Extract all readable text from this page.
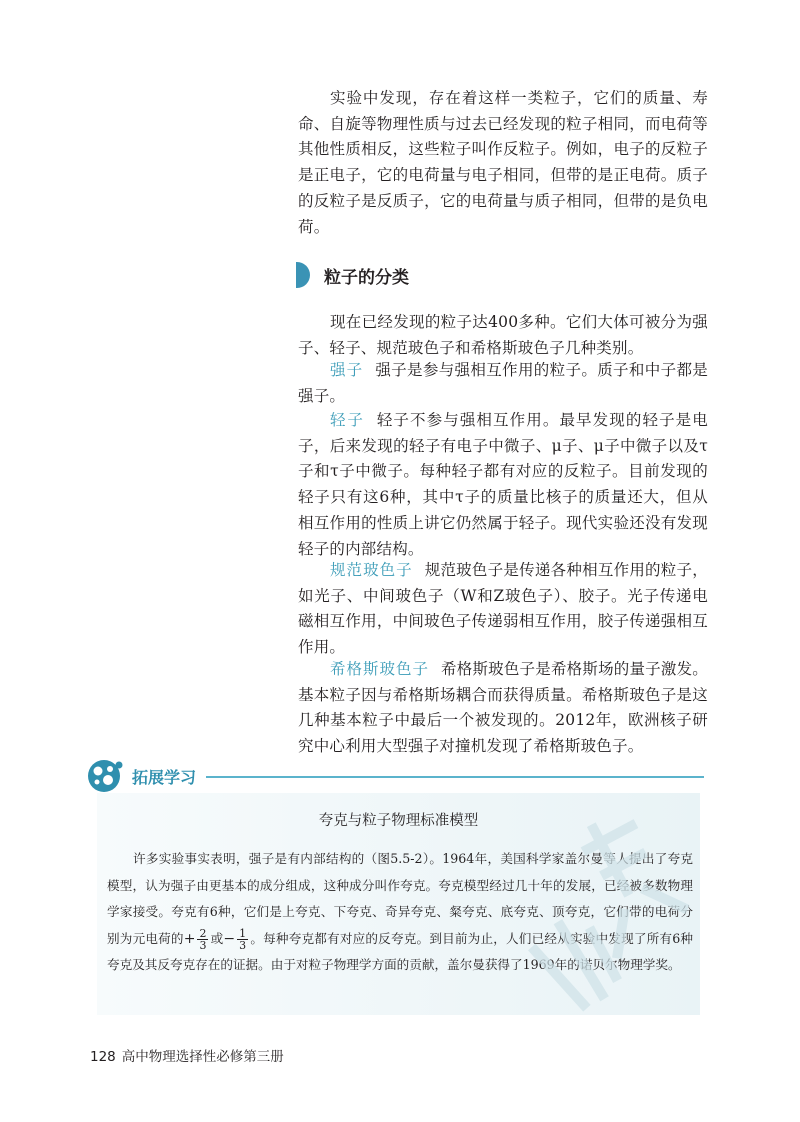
实验中发现，存在着这样一类粒子，它们的质量、寿命、自旋等物理性质与过去已经发现的粒子相同，而电荷等其他性质相反，这些粒子叫作反粒子。例如，电子的反粒子是正电子，它的电荷量与电子相同，但带的是正电荷。质子的反粒子是反质子，它的电荷量与质子相同，但带的是负电荷。

粒子的分类

现在已经发现的粒子达400多种。它们大体可被分为强子、轻子、规范玻色子和希格斯玻色子几种类别。

强子 强子是参与强相互作用的粒子。质子和中子都是强子。

轻子 轻子不参与强相互作用。最早发现的轻子是电子，后来发现的轻子有电子中微子、μ子、μ子中微子以及τ子和τ子中微子。每种轻子都有对应的反粒子。目前发现的轻子只有这6种，其中τ子的质量比核子的质量还大，但从相互作用的性质上讲它仍然属于轻子。现代实验还没有发现轻子的内部结构。

规范玻色子 规范玻色子是传递各种相互作用的粒子，如光子、中间玻色子（W和Z玻色子）、胶子。光子传递电磁相互作用，中间玻色子传递弱相互作用，胶子传递强相互作用。

希格斯玻色子 希格斯玻色子是希格斯场的量子激发。基本粒子因与希格斯场耦合而获得质量。希格斯玻色子是这几种基本粒子中最后一个被发现的。2012年，欧洲核子研究中心利用大型强子对撞机发现了希格斯玻色子。

夸克与粒子物理标准模型

许多实验事实表明，强子是有内部结构的（图5.5-2）。1964年，美国科学家盖尔曼等人提出了夸克模型，认为强子由更基本的成分组成，这种成分叫作夸克。夸克模型经过几十年的发展，已经被多数物理学家接受。夸克有6种，它们是上夸克、下夸克、奇异夸克、粲夸克、底夸克、顶夸克，它们带的电荷分别为元电荷的+ $\frac{2}{3}$ 或− $\frac{1}{3}$ 。每种夸克都有对应的反夸克。到目前为止，人们已经从实验中发现了所有6种夸克及其反夸克存在的证据。由于对粒子物理学方面的贡献，盖尔曼获得了1969年的诺贝尔物理学奖。

拓展学习
128 高中物理选择性必修第三册
